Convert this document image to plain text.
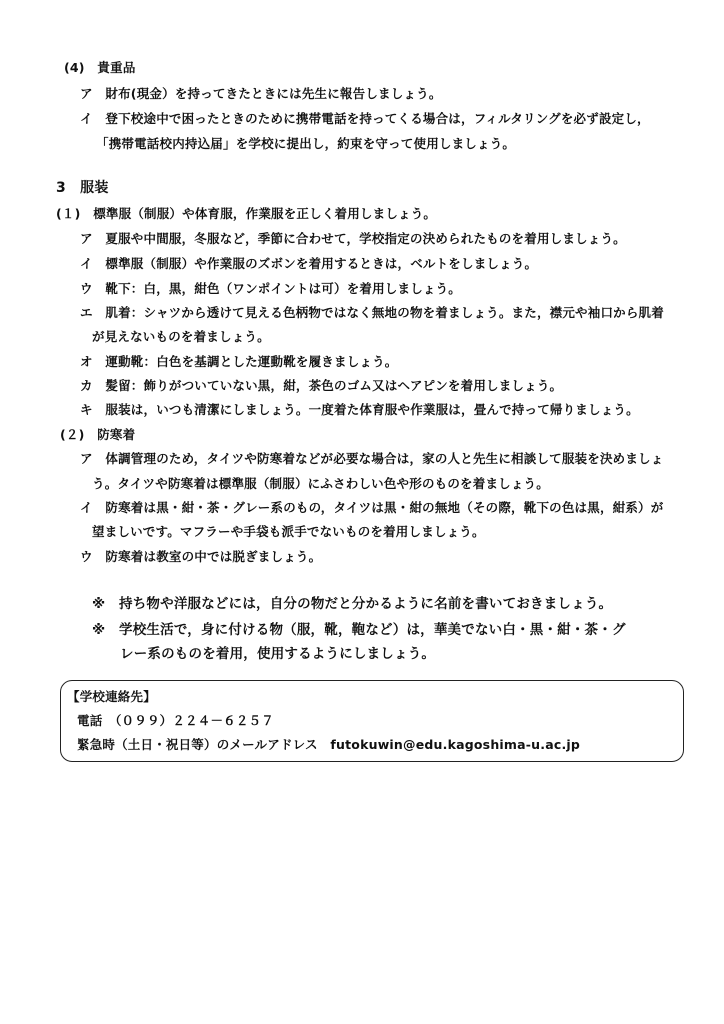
(4)　貴重品
ア　財布(現金）を持ってきたときには先生に報告しましょう。
イ　登下校途中で困ったときのために携帯電話を持ってくる場合は，フィルタリングを必ず設定し，
「携帯電話校内持込届」を学校に提出し，約束を守って使用しましょう。
3　服装
(１)　標準服（制服）や体育服，作業服を正しく着用しましょう。
ア　夏服や中間服，冬服など，季節に合わせて，学校指定の決められたものを着用しましょう。
イ　標準服（制服）や作業服のズボンを着用するときは，ベルトをしましょう。
ウ　靴下：白，黒，紺色（ワンポイントは可）を着用しましょう。
エ　肌着：シャツから透けて見える色柄物ではなく無地の物を着ましょう。また，襟元や袖口から肌着
が見えないものを着ましょう。
オ　運動靴：白色を基調とした運動靴を履きましょう。
カ　髪留：飾りがついていない黒，紺，茶色のゴム又はヘアピンを着用しましょう。
キ　服装は，いつも清潔にしましょう。一度着た体育服や作業服は，畳んで持って帰りましょう。
(２)　防寒着
ア　体調管理のため，タイツや防寒着などが必要な場合は，家の人と先生に相談して服装を決めましょ
う。タイツや防寒着は標準服（制服）にふさわしい色や形のものを着ましょう。
イ　防寒着は黒・紺・茶・グレー系のもの，タイツは黒・紺の無地（その際，靴下の色は黒，紺系）が
望ましいです。マフラーや手袋も派手でないものを着用しましょう。
ウ　防寒着は教室の中では脱ぎましょう。
※　持ち物や洋服などには，自分の物だと分かるように名前を書いておきましょう。
※　学校生活で，身に付ける物（服，靴，鞄など）は，華美でない白・黒・紺・茶・グ
レー系のものを着用，使用するようにしましょう。
【学校連絡先】
電話　（０９９）２２４－６２５７
緊急時（土日・祝日等）のメールアドレス　futokuwin@edu.kagoshima-u.ac.jp
